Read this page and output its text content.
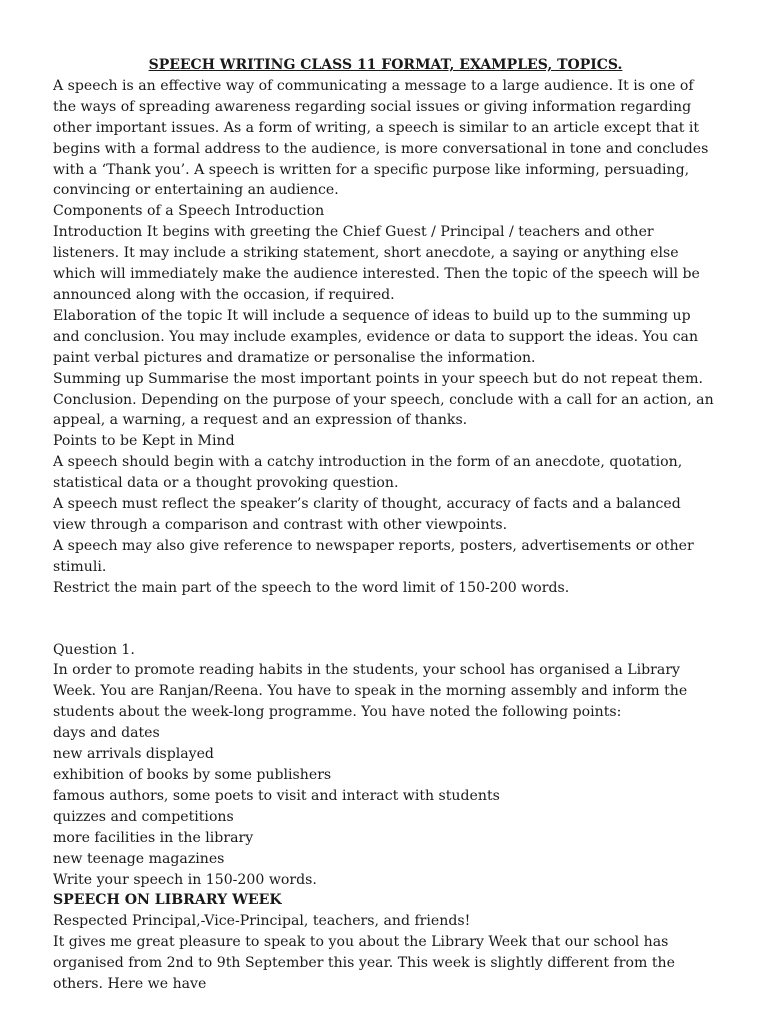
SPEECH WRITING CLASS 11 FORMAT, EXAMPLES, TOPICS.

A speech is an effective way of communicating a message to a large audience. It is one of the ways of spreading awareness regarding social issues or giving information regarding other important issues. As a form of writing, a speech is similar to an article except that it begins with a formal address to the audience, is more conversational in tone and concludes with a ‘Thank you’. A speech is written for a specific purpose like informing, persuading, convincing or entertaining an audience.

Components of a Speech Introduction

Introduction It begins with greeting the Chief Guest / Principal / teachers and other listeners. It may include a striking statement, short anecdote, a saying or anything else which will immediately make the audience interested. Then the topic of the speech will be announced along with the occasion, if required.

Elaboration of the topic It will include a sequence of ideas to build up to the summing up and conclusion. You may include examples, evidence or data to support the ideas. You can paint verbal pictures and dramatize or personalise the information.

Summing up Summarise the most important points in your speech but do not repeat them.

Conclusion. Depending on the purpose of your speech, conclude with a call for an action, an appeal, a warning, a request and an expression of thanks.

Points to be Kept in Mind

A speech should begin with a catchy introduction in the form of an anecdote, quotation, statistical data or a thought provoking question.

A speech must reflect the speaker’s clarity of thought, accuracy of facts and a balanced view through a comparison and contrast with other viewpoints.

A speech may also give reference to newspaper reports, posters, advertisements or other stimuli.

Restrict the main part of the speech to the word limit of 150-200 words.

Question 1.

In order to promote reading habits in the students, your school has organised a Library Week. You are Ranjan/Reena. You have to speak in the morning assembly and inform the students about the week-long programme. You have noted the following points:

days and dates

new arrivals displayed

exhibition of books by some publishers

famous authors, some poets to visit and interact with students

quizzes and competitions

more facilities in the library

new teenage magazines

Write your speech in 150-200 words.

SPEECH ON LIBRARY WEEK

Respected Principal,-Vice-Principal, teachers, and friends!

It gives me great pleasure to speak to you about the Library Week that our school has organised from 2nd to 9th September this year. This week is slightly different from the others. Here we have
